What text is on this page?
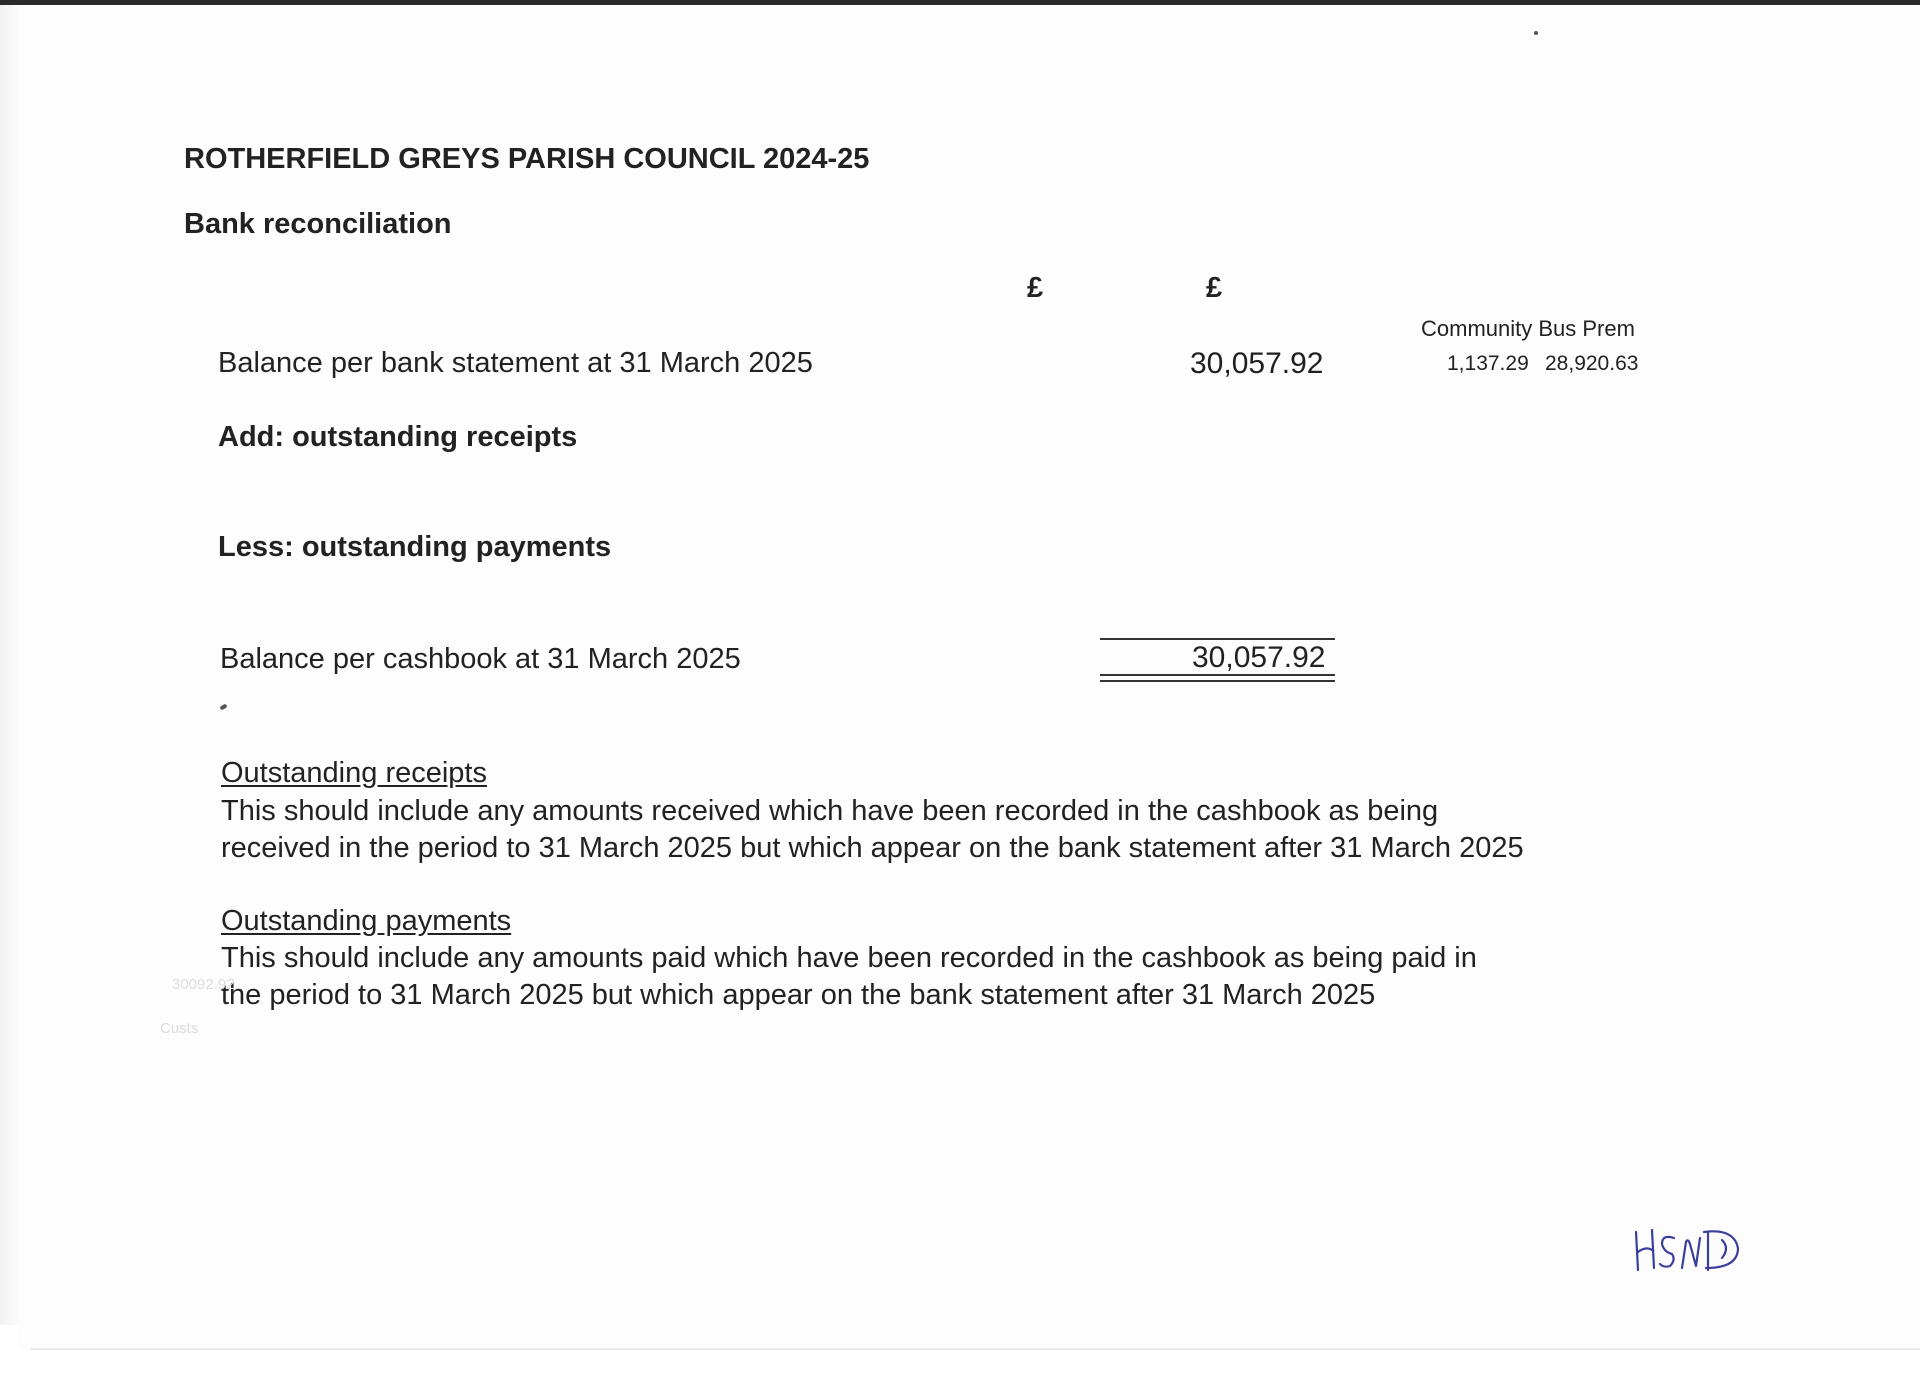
ROTHERFIELD GREYS PARISH COUNCIL 2024-25

Bank reconciliation

£	£
Community Bus Prem
1,137.29 28,920.63
Balance per bank statement at 31 March 2025	30,057.92
Add: outstanding receipts
Less: outstanding payments
Balance per cashbook at 31 March 2025	30,057.92
Outstanding receipts
This should include any amounts received which have been recorded in the cashbook as being
received in the period to 31 March 2025 but which appear on the bank statement after 31 March 2025
Outstanding payments
This should include any amounts paid which have been recorded in the cashbook as being paid in
the period to 31 March 2025 but which appear on the bank statement after 31 March 2025
30092.92
Custs
